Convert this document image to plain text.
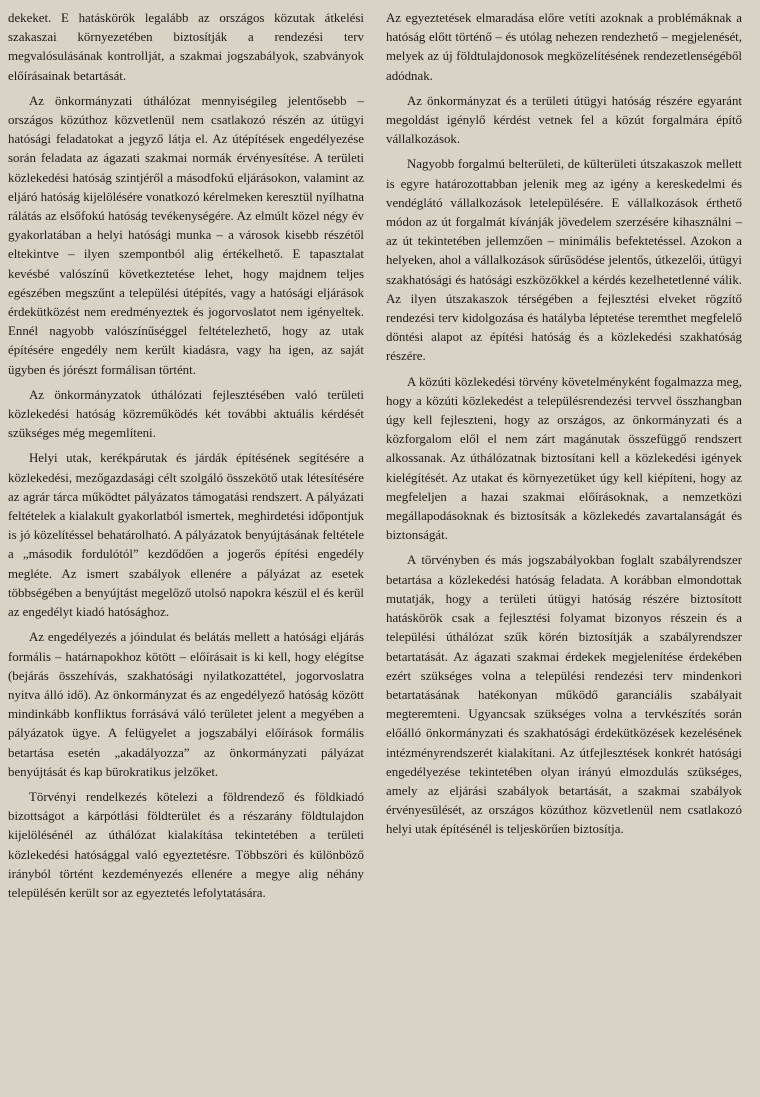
dekeket. E hatáskörök legalább az országos közutak átkelési szakaszai környezetében biztosítják a rendezési terv megvalósulásának kontrollját, a szakmai jogszabályok, szabványok előírásainak betartását.

Az önkormányzati úthálózat mennyiségileg jelentősebb – országos közúthoz közvetlenül nem csatlakozó részén az útügyi hatósági feladatokat a jegyző látja el. Az útépítések engedélyezése során feladata az ágazati szakmai normák érvényesítése. A területi közlekedési hatóság szintjéről a másodfokú eljárásokon, valamint az eljáró hatóság kijelölésére vonatkozó kérelmeken keresztül nyílhatna rálátás az elsőfokú hatóság tevékenységére. Az elmúlt közel négy év gyakorlatában a helyi hatósági munka – a városok kisebb részétől eltekintve – ilyen szempontból alig értékelhető. E tapasztalat kevésbé valószínű következtetése lehet, hogy majdnem teljes egészében megszűnt a települési útépítés, vagy a hatósági eljárások érdekütközést nem eredményeztek és jogorvoslatot nem igényeltek. Ennél nagyobb valószínűséggel feltételezhető, hogy az utak építésére engedély nem került kiadásra, vagy ha igen, az saját ügyben és jórészt formálisan történt.

Az önkormányzatok úthálózati fejlesztésében való területi közlekedési hatóság közreműködés két további aktuális kérdését szükséges még megemlíteni.

Helyi utak, kerékpárutak és járdák építésének segítésére a közlekedési, mezőgazdasági célt szolgáló összekötő utak létesítésére az agrár tárca működtet pályázatos támogatási rendszert. A pályázati feltételek a kialakult gyakorlatból ismertek, meghirdetési időpontjuk is jó közelítéssel behatárolható. A pályázatok benyújtásának feltétele a „második fordulótól” kezdődően a jogerős építési engedély megléte. Az ismert szabályok ellenére a pályázat az esetek többségében a benyújtást megelőző utolsó napokra készül el és kerül az engedélyt kiadó hatósághoz.

Az engedélyezés a jóindulat és belátás mellett a hatósági eljárás formális – határnapokhoz kötött – előírásait is ki kell, hogy elégítse (bejárás összehívás, szakhatósági nyilatkozattétel, jogorvoslatra nyitva álló idő). Az önkormányzat és az engedélyező hatóság között mindinkább konfliktus forrásává váló területet jelent a megyében a pályázatok ügye. A felügyelet a jogszabályi előírások formális betartása esetén „akadályozza” az önkormányzati pályázat benyújtását és kap bürokratikus jelzőket.

Törvényi rendelkezés kötelezi a földrendező és földkiadó bizottságot a kárpótlási földterület és a részarány földtulajdon kijelölésénél az úthálózat kialakítása tekintetében a területi közlekedési hatósággal való egyeztetésre. Többszöri és különböző irányból történt kezdeményezés ellenére a megye alig néhány településén került sor az egyeztetés lefolytatására.

Az egyeztetések elmaradása előre vetíti azoknak a problémáknak a hatóság előtt történő – és utólag nehezen rendezhető – megjelenését, melyek az új földtulajdonosok megközelítésének rendezetlenségéből adódnak.

Az önkormányzat és a területi útügyi hatóság részére egyaránt megoldást igénylő kérdést vetnek fel a közút forgalmára építő vállalkozások.

Nagyobb forgalmú belterületi, de külterületi útszakaszok mellett is egyre határozottabban jelenik meg az igény a kereskedelmi és vendéglátó vállalkozások letelepülésére. E vállalkozások érthető módon az út forgalmát kívánják jövedelem szerzésére kihasználni – az út tekintetében jellemzően – minimális befektetéssel. Azokon a helyeken, ahol a vállalkozások sűrűsödése jelentős, útkezelői, útügyi szakhatósági és hatósági eszközökkel a kérdés kezelhetetlenné válik. Az ilyen útszakaszok térségében a fejlesztési elveket rögzítő rendezési terv kidolgozása és hatályba léptetése teremthet megfelelő döntési alapot az építési hatóság és a közlekedési szakhatóság részére.

A közúti közlekedési törvény követelményként fogalmazza meg, hogy a közúti közlekedést a településrendezési tervvel összhangban úgy kell fejleszteni, hogy az országos, az önkormányzati és a közforgalom elől el nem zárt magánutak összefüggő rendszert alkossanak. Az úthálózatnak biztosítani kell a közlekedési igények kielégítését. Az utakat és környezetüket úgy kell kiépíteni, hogy az megfeleljen a hazai szakmai előírásoknak, a nemzetközi megállapodásoknak és biztosítsák a közlekedés zavartalanságát és biztonságát.

A törvényben és más jogszabályokban foglalt szabályrendszer betartása a közlekedési hatóság feladata. A korábban elmondottak mutatják, hogy a területi útügyi hatóság részére biztosított hatáskörök csak a fejlesztési folyamat bizonyos részein és a települési úthálózat szűk körén biztosítják a szabályrendszer betartatását. Az ágazati szakmai érdekek megjelenítése érdekében ezért szükséges volna a települési rendezési terv mindenkori betartatásának hatékonyan működő garanciális szabályait megteremteni. Ugyancsak szükséges volna a tervkészítés során előálló önkormányzati és szakhatósági érdekütközések kezelésének intézményrendszerét kialakítani. Az útfejlesztések konkrét hatósági engedélyezése tekintetében olyan irányú elmozdulás szükséges, amely az eljárási szabályok betartását, a szakmai szabályok érvényesülését, az országos közúthoz közvetlenül nem csatlakozó helyi utak építésénél is teljeskörűen biztosítja.
